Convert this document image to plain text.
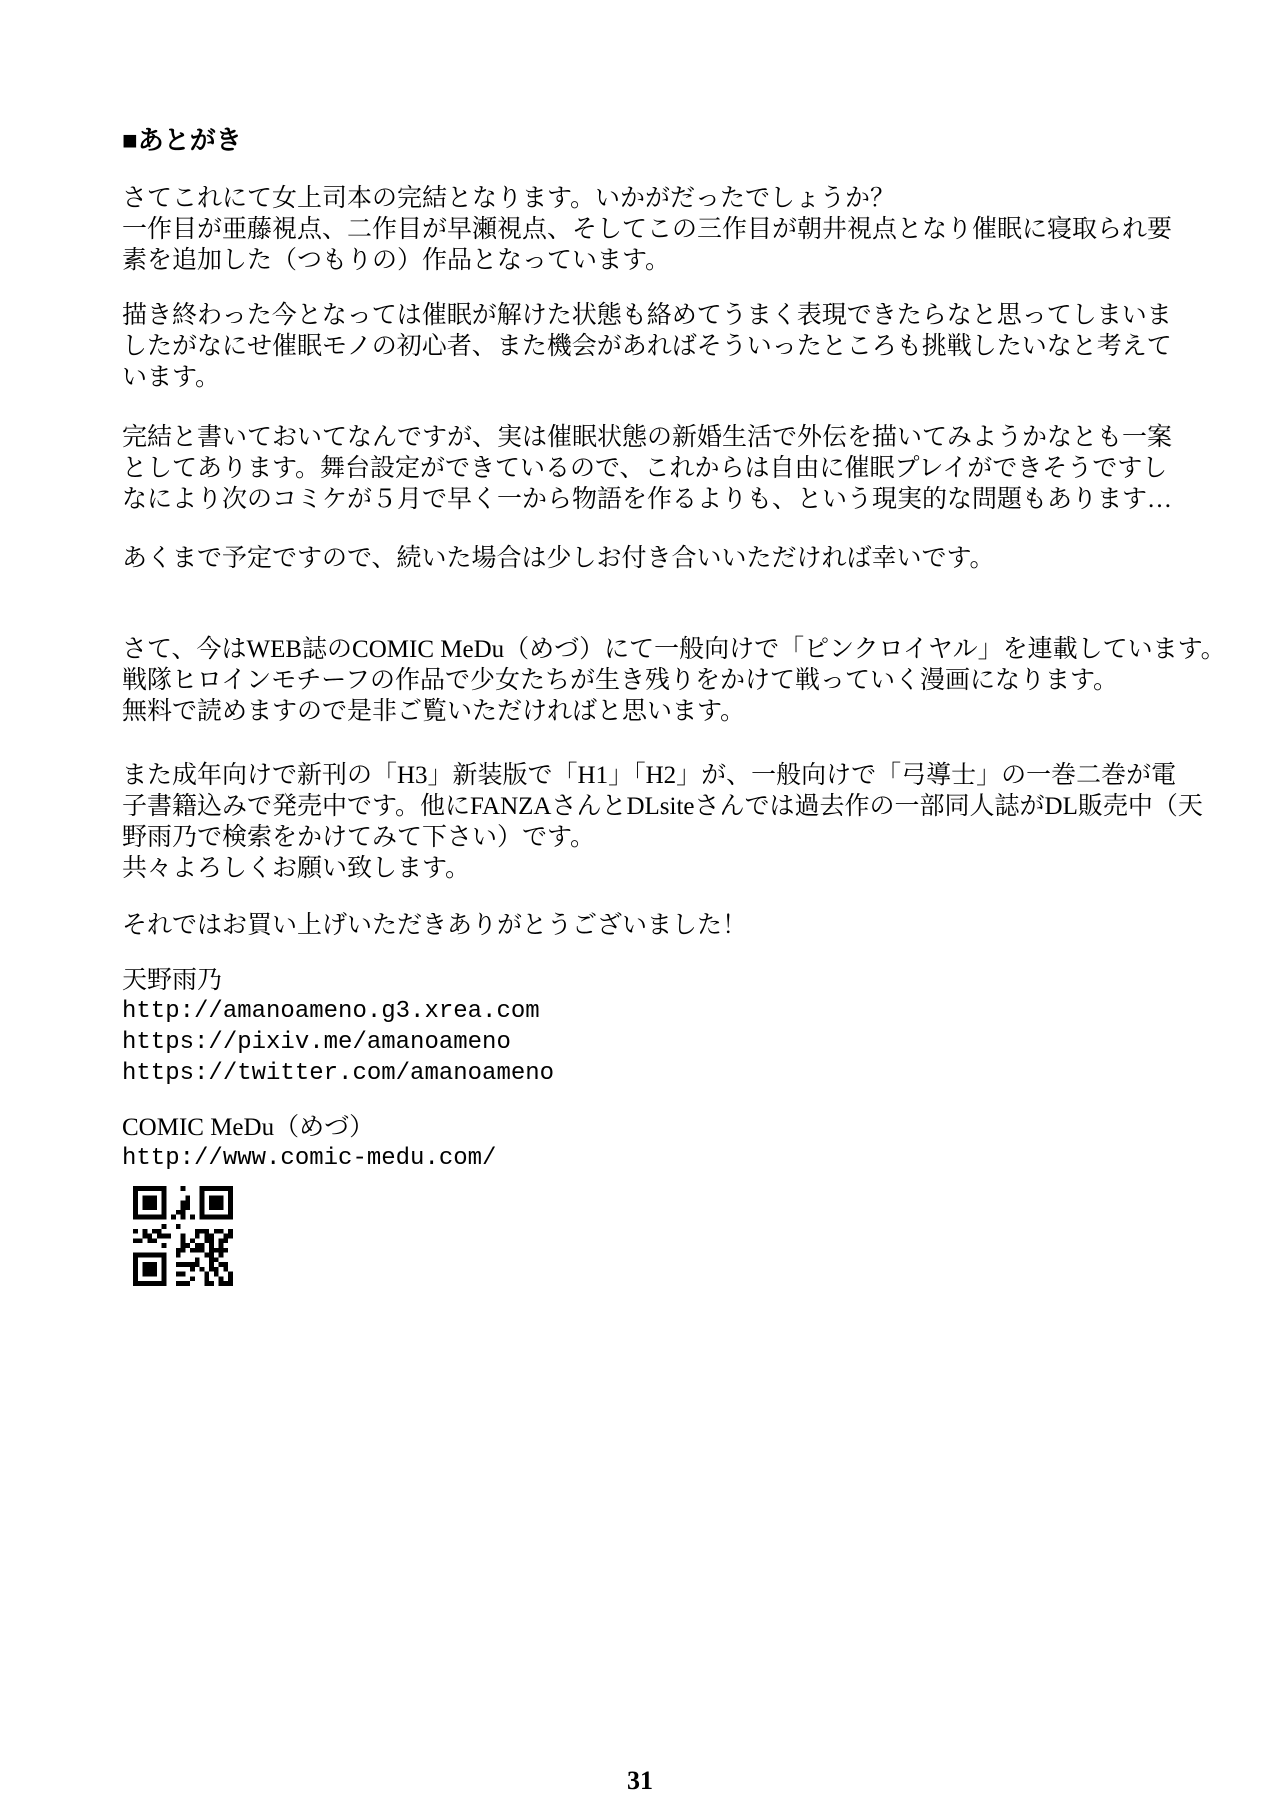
■あとがき
さてこれにて女上司本の完結となります。いかがだったでしょうか？
一作目が亜藤視点、二作目が早瀬視点、そしてこの三作目が朝井視点となり催眠に寝取られ要
素を追加した（つもりの）作品となっています。
描き終わった今となっては催眠が解けた状態も絡めてうまく表現できたらなと思ってしまいま
したがなにせ催眠モノの初心者、また機会があればそういったところも挑戦したいなと考えて
います。
完結と書いておいてなんですが、実は催眠状態の新婚生活で外伝を描いてみようかなとも一案
としてあります。舞台設定ができているので、これからは自由に催眠プレイができそうですし
なにより次のコミケが５月で早く一から物語を作るよりも、という現実的な問題もあります…
あくまで予定ですので、続いた場合は少しお付き合いいただければ幸いです。
さて、今はWEB誌のCOMIC MeDu（めづ）にて一般向けで「ピンクロイヤル」を連載しています。
戦隊ヒロインモチーフの作品で少女たちが生き残りをかけて戦っていく漫画になります。
無料で読めますので是非ご覧いただければと思います。
また成年向けで新刊の「H3」新装版で「H1」「H2」が、一般向けで「弓導士」の一巻二巻が電
子書籍込みで発売中です。他にFANZAさんとDLsiteさんでは過去作の一部同人誌がDL販売中（天
野雨乃で検索をかけてみて下さい）です。
共々よろしくお願い致します。
それではお買い上げいただきありがとうございました！
天野雨乃
http://amanoameno.g3.xrea.com
https://pixiv.me/amanoameno
https://twitter.com/amanoameno
COMIC MeDu（めづ）
http://www.comic-medu.com/
31
